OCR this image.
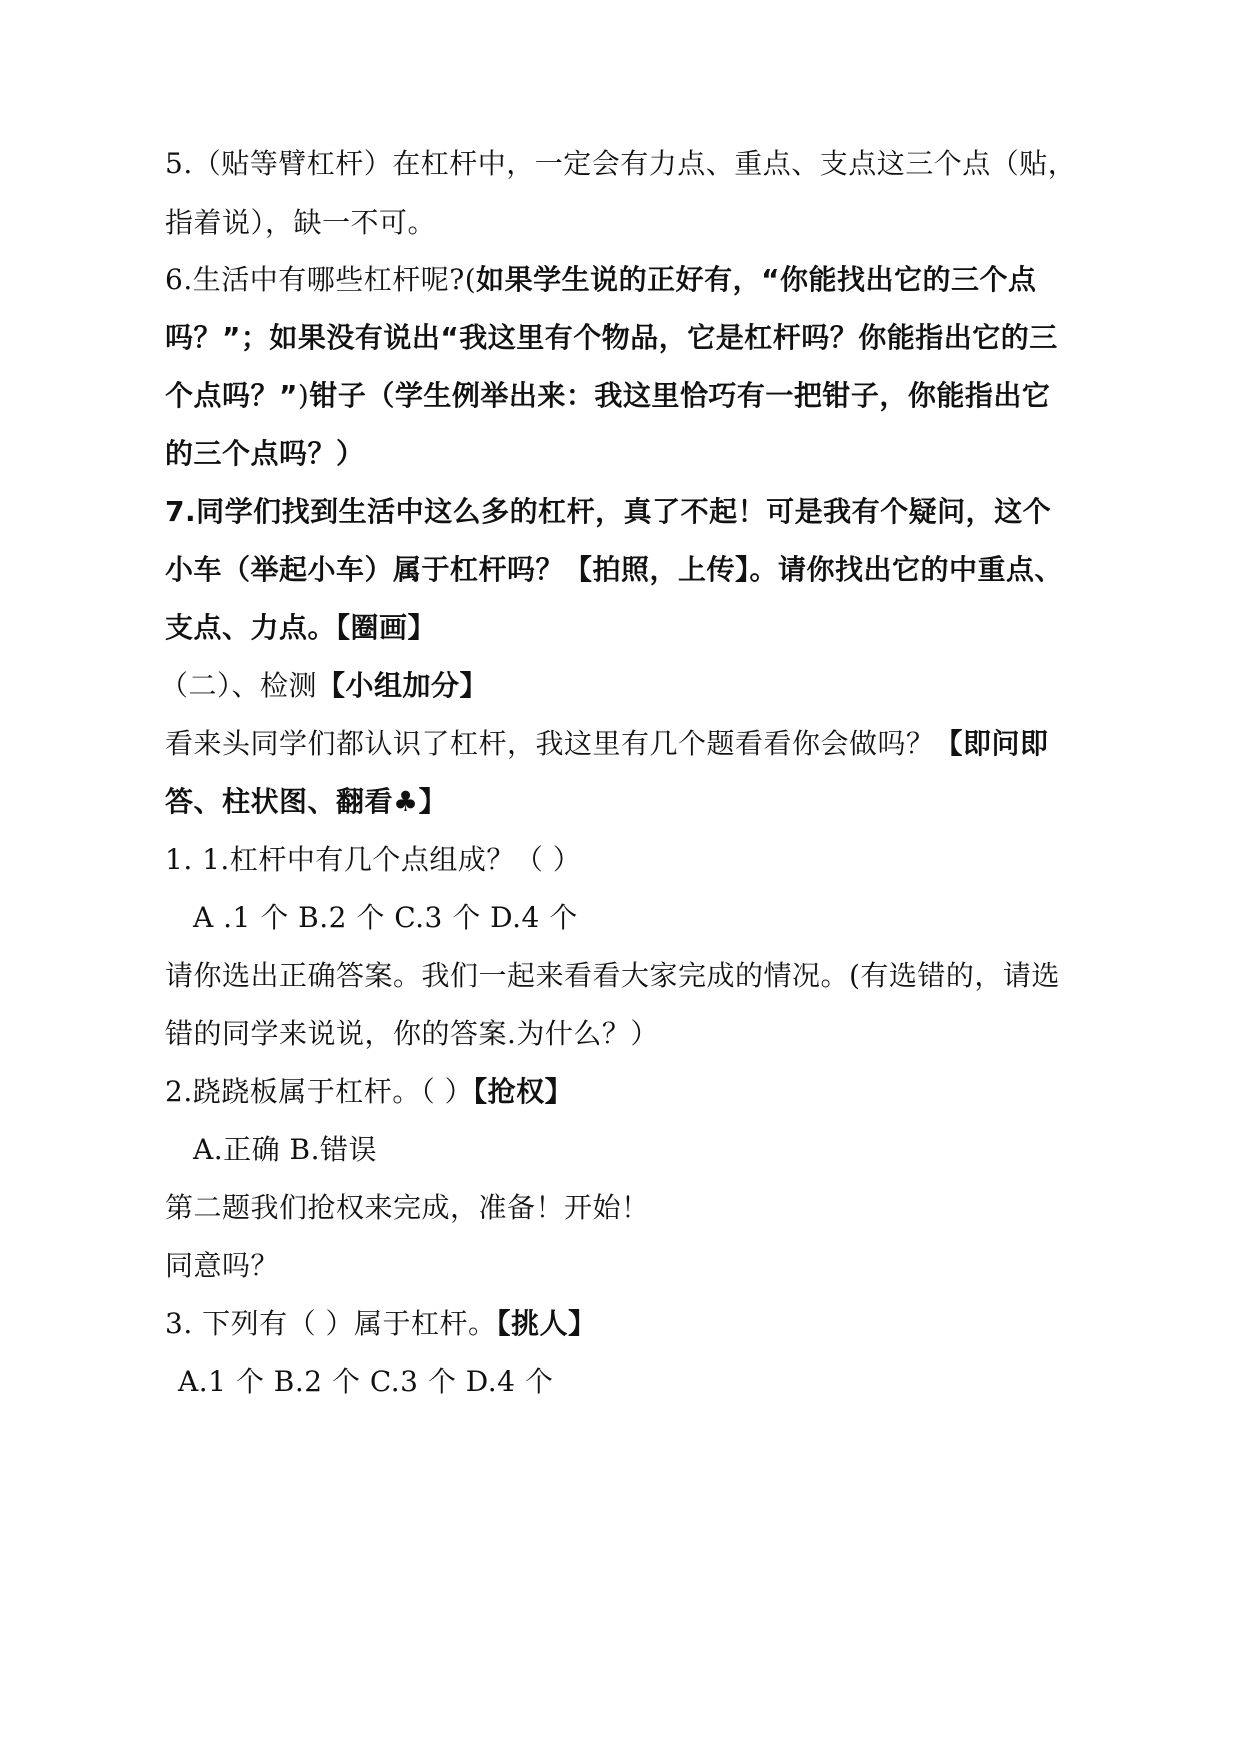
5.（贴等臂杠杆）在杠杆中，一定会有力点、重点、支点这三个点（贴，
指着说），缺一不可。
6.生活中有哪些杠杆呢?(如果学生说的正好有，“你能找出它的三个点
吗？”；如果没有说出“我这里有个物品，它是杠杆吗？你能指出它的三
个点吗？”)钳子（学生例举出来：我这里恰巧有一把钳子，你能指出它
的三个点吗？）
7.同学们找到生活中这么多的杠杆，真了不起！可是我有个疑问，这个
小车（举起小车）属于杠杆吗？【拍照，上传】。请你找出它的中重点、
支点、力点。【圈画】
（二）、检测【小组加分】
看来头同学们都认识了杠杆，我这里有几个题看看你会做吗？【即问即
答、柱状图、翻看♣】
1. 1.杠杆中有几个点组成？（ ）
A .1 个 B.2 个 C.3 个 D.4 个
请你选出正确答案。我们一起来看看大家完成的情况。(有选错的，请选
错的同学来说说，你的答案.为什么？）
2.跷跷板属于杠杆。（ ）【抢权】
A.正确 B.错误
第二题我们抢权来完成，准备！开始！
同意吗？
3. 下列有（ ）属于杠杆。【挑人】
A.1 个 B.2 个 C.3 个 D.4 个
